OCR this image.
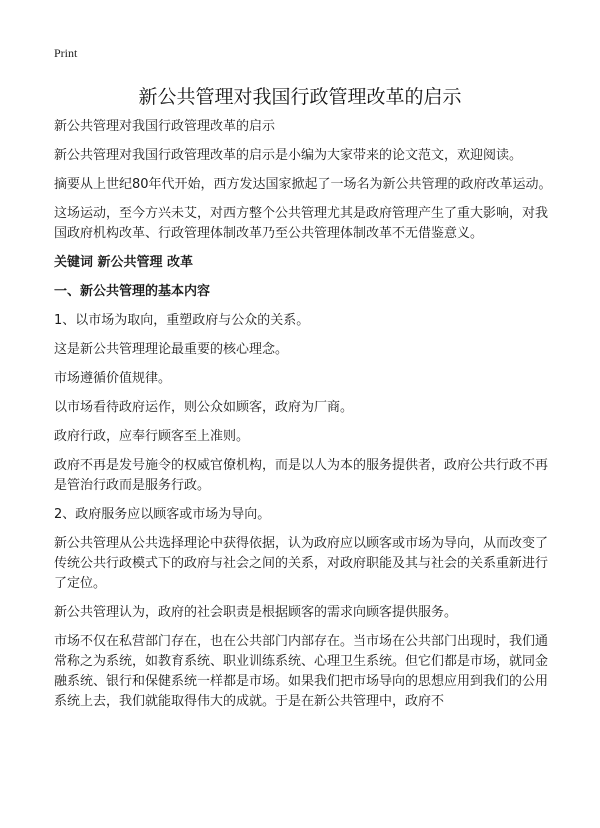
Print
新公共管理对我国行政管理改革的启示

新公共管理对我国行政管理改革的启示

新公共管理对我国行政管理改革的启示是小编为大家带来的论文范文，欢迎阅读。

摘要从上世纪80年代开始，西方发达国家掀起了一场名为新公共管理的政府改革运动。

这场运动，至今方兴未艾，对西方整个公共管理尤其是政府管理产生了重大影响，对我国政府机构改革、行政管理体制改革乃至公共管理体制改革不无借鉴意义。

关键词 新公共管理 改革

一、新公共管理的基本内容

1、以市场为取向，重塑政府与公众的关系。

这是新公共管理理论最重要的核心理念。

市场遵循价值规律。

以市场看待政府运作，则公众如顾客，政府为厂商。

政府行政，应奉行顾客至上准则。

政府不再是发号施令的权威官僚机构，而是以人为本的服务提供者，政府公共行政不再是管治行政而是服务行政。

2、政府服务应以顾客或市场为导向。

新公共管理从公共选择理论中获得依据，认为政府应以顾客或市场为导向，从而改变了传统公共行政模式下的政府与社会之间的关系，对政府职能及其与社会的关系重新进行了定位。

新公共管理认为，政府的社会职责是根据顾客的需求向顾客提供服务。

市场不仅在私营部门存在，也在公共部门内部存在。当市场在公共部门出现时，我们通常称之为系统，如教育系统、职业训练系统、心理卫生系统。但它们都是市场，就同金融系统、银行和保健系统一样都是市场。如果我们把市场导向的思想应用到我们的公用系统上去，我们就能取得伟大的成就。于是在新公共管理中，政府不
